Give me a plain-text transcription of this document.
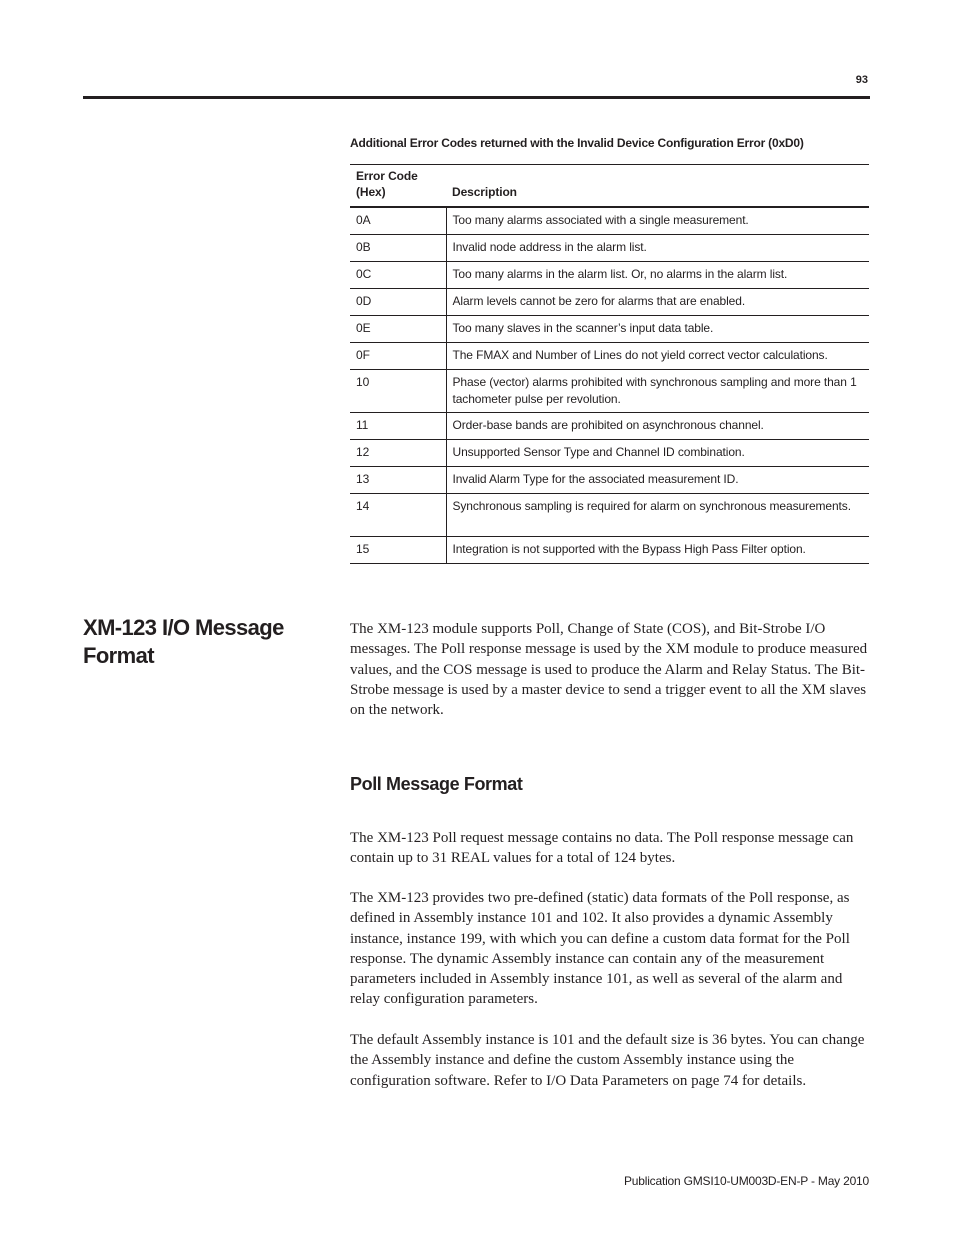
93
Additional Error Codes returned with the Invalid Device Configuration Error (0xD0)
Error Code (Hex)	Description
0A	Too many alarms associated with a single measurement.
0B	Invalid node address in the alarm list.
0C	Too many alarms in the alarm list. Or, no alarms in the alarm list.
0D	Alarm levels cannot be zero for alarms that are enabled.
0E	Too many slaves in the scanner’s input data table.
0F	The FMAX and Number of Lines do not yield correct vector calculations.
10	Phase (vector) alarms prohibited with synchronous sampling and more than 1 tachometer pulse per revolution.
11	Order-base bands are prohibited on asynchronous channel.
12	Unsupported Sensor Type and Channel ID combination.
13	Invalid Alarm Type for the associated measurement ID.
14	Synchronous sampling is required for alarm on synchronous measurements.
15	Integration is not supported with the Bypass High Pass Filter option.
XM-123 I/O Message Format

The XM-123 module supports Poll, Change of State (COS), and Bit-Strobe I/O messages. The Poll response message is used by the XM module to produce measured values, and the COS message is used to produce the Alarm and Relay Status. The Bit-Strobe message is used by a master device to send a trigger event to all the XM slaves on the network.

Poll Message Format

The XM-123 Poll request message contains no data. The Poll response message can contain up to 31 REAL values for a total of 124 bytes.

The XM-123 provides two pre-defined (static) data formats of the Poll response, as defined in Assembly instance 101 and 102. It also provides a dynamic Assembly instance, instance 199, with which you can define a custom data format for the Poll response. The dynamic Assembly instance can contain any of the measurement parameters included in Assembly instance 101, as well as several of the alarm and relay configuration parameters.

The default Assembly instance is 101 and the default size is 36 bytes. You can change the Assembly instance and define the custom Assembly instance using the configuration software. Refer to I/O Data Parameters on page 74 for details.

Publication GMSI10-UM003D-EN-P - May 2010
